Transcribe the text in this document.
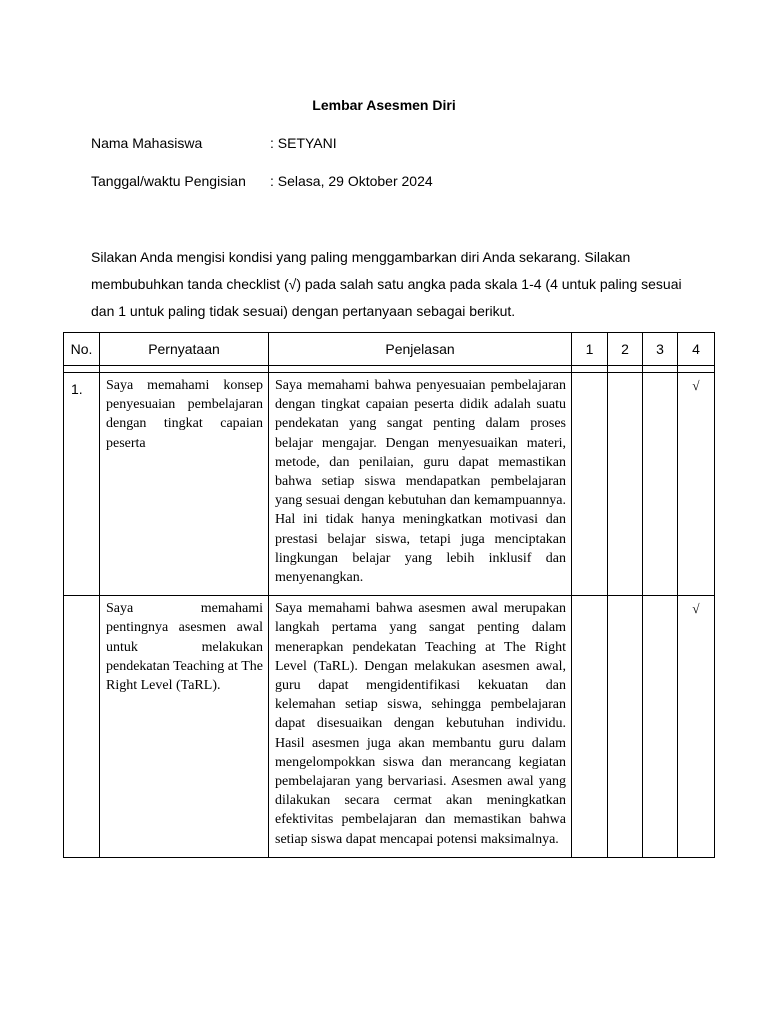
Lembar Asesmen Diri
Nama Mahasiswa	: SETYANI
Tanggal/waktu Pengisian : Selasa, 29 Oktober 2024
Silakan Anda mengisi kondisi yang paling menggambarkan diri Anda sekarang. Silakan
membubuhkan tanda checklist (√) pada salah satu angka pada skala 1-4 (4 untuk paling sesuai
dan 1 untuk paling tidak sesuai) dengan pertanyaan sebagai berikut.
No.	Pernyataan	Penjelasan	1	2	3	4

1.	Saya memahami konsep penyesuaian pembelajaran dengan tingkat capaian peserta	Saya memahami bahwa penyesuaian pembelajaran dengan tingkat capaian peserta didik adalah suatu pendekatan yang sangat penting dalam proses belajar mengajar. Dengan menyesuaikan materi, metode, dan penilaian, guru dapat memastikan bahwa setiap siswa mendapatkan pembelajaran yang sesuai dengan kebutuhan dan kemampuannya. Hal ini tidak hanya meningkatkan motivasi dan prestasi belajar siswa, tetapi juga menciptakan lingkungan belajar yang lebih inklusif dan menyenangkan.				√
	Saya memahami pentingnya asesmen awal untuk melakukan pendekatan Teaching at The Right Level (TaRL).	Saya memahami bahwa asesmen awal merupakan langkah pertama yang sangat penting dalam menerapkan pendekatan Teaching at The Right Level (TaRL). Dengan melakukan asesmen awal, guru dapat mengidentifikasi kekuatan dan kelemahan setiap siswa, sehingga pembelajaran dapat disesuaikan dengan kebutuhan individu. Hasil asesmen juga akan membantu guru dalam mengelompokkan siswa dan merancang kegiatan pembelajaran yang bervariasi. Asesmen awal yang dilakukan secara cermat akan meningkatkan efektivitas pembelajaran dan memastikan bahwa setiap siswa dapat mencapai potensi maksimalnya.				√
